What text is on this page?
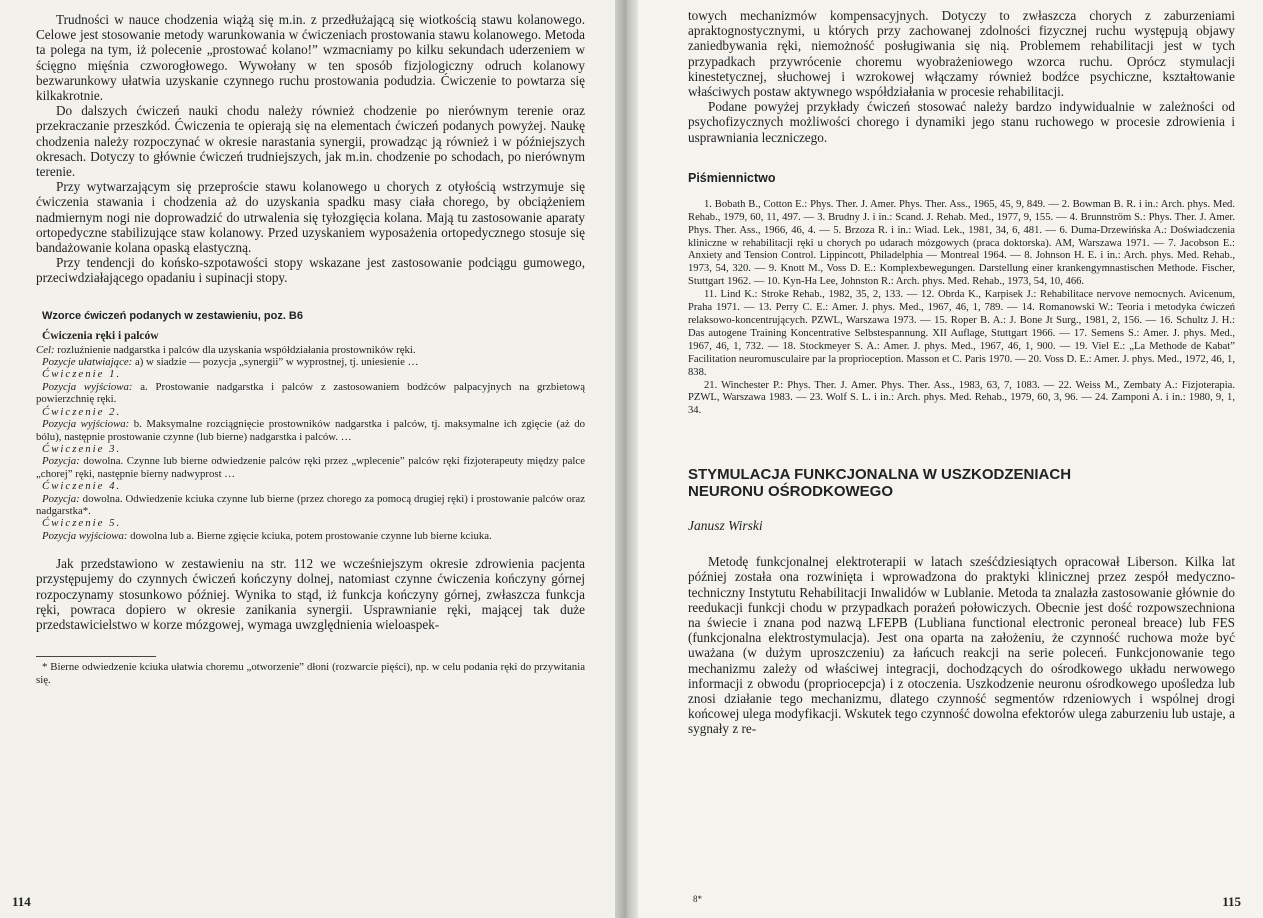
Trudności w nauce chodzenia wiążą się m.in. z przedłużającą się wiotkością stawu kolanowego. Celowe jest stosowanie metody warunkowania w ćwiczeniach prostowania stawu kolanowego. Metoda ta polega na tym, iż polecenie „prostować kolano!” wzmacniamy po kilku sekundach uderzeniem w ścięgno mięśnia czworogłowego. Wywołany w ten sposób fizjologiczny odruch kolanowy bezwarunkowy ułatwia uzyskanie czynnego ruchu prostowania podudzia. Ćwiczenie to powtarza się kilkakrotnie.

Do dalszych ćwiczeń nauki chodu należy również chodzenie po nierównym terenie oraz przekraczanie przeszkód. Ćwiczenia te opierają się na elementach ćwiczeń podanych powyżej. Naukę chodzenia należy rozpoczynać w okresie narastania synergii, prowadząc ją również i w późniejszych okresach. Dotyczy to głównie ćwiczeń trudniejszych, jak m.in. chodzenie po schodach, po nierównym terenie.

Przy wytwarzającym się przeproście stawu kolanowego u chorych z otyłością wstrzymuje się ćwiczenia stawania i chodzenia aż do uzyskania spadku masy ciała chorego, by obciążeniem nadmiernym nogi nie doprowadzić do utrwalenia się tyłozgięcia kolana. Mają tu zastosowanie aparaty ortopedyczne stabilizujące staw kolanowy. Przed uzyskaniem wyposażenia ortopedycznego stosuje się bandażowanie kolana opaską elastyczną.

Przy tendencji do końsko-szpotawości stopy wskazane jest zastosowanie podciągu gumowego, przeciwdziałającego opadaniu i supinacji stopy.

Wzorce ćwiczeń podanych w zestawieniu, poz. B6
Ćwiczenia ręki i palców

Cel: rozluźnienie nadgarstka i palców dla uzyskania współdziałania prostowników ręki.

Pozycje ułatwiające: a) w siadzie — pozycja „synergii” w wyprostnej, tj. uniesienie …

Ćwiczenie 1.

Pozycja wyjściowa: a. Prostowanie nadgarstka i palców z zastosowaniem bodźców palpacyjnych na grzbietową powierzchnię ręki.

Ćwiczenie 2.

Pozycja wyjściowa: b. Maksymalne rozciągnięcie prostowników nadgarstka i palców, tj. maksymalne ich zgięcie (aż do bólu), następnie prostowanie czynne (lub bierne) nadgarstka i palców. …

Ćwiczenie 3.

Pozycja: dowolna. Czynne lub bierne odwiedzenie palców ręki przez „wplecenie” palców ręki fizjoterapeuty między palce „chorej” ręki, następnie bierny nadwyprost …

Ćwiczenie 4.

Pozycja: dowolna. Odwiedzenie kciuka czynne lub bierne (przez chorego za pomocą drugiej ręki) i prostowanie palców oraz nadgarstka*.

Ćwiczenie 5.

Pozycja wyjściowa: dowolna lub a. Bierne zgięcie kciuka, potem prostowanie czynne lub bierne kciuka.

Jak przedstawiono w zestawieniu na str. 112 we wcześniejszym okresie zdrowienia pacjenta przystępujemy do czynnych ćwiczeń kończyny dolnej, natomiast czynne ćwiczenia kończyny górnej rozpoczynamy stosunkowo później. Wynika to stąd, iż funkcja kończyny górnej, zwłaszcza funkcja ręki, powraca dopiero w okresie zanikania synergii. Usprawnianie ręki, mającej tak duże przedstawicielstwo w korze mózgowej, wymaga uwzględnienia wieloaspek-

* Bierne odwiedzenie kciuka ułatwia choremu „otworzenie” dłoni (rozwarcie pięści), np. w celu podania ręki do przywitania się.

114

towych mechanizmów kompensacyjnych. Dotyczy to zwłaszcza chorych z zaburzeniami apraktognostycznymi, u których przy zachowanej zdolności fizycznej ruchu występują objawy zaniedbywania ręki, niemożność posługiwania się nią. Problemem rehabilitacji jest w tych przypadkach przywrócenie choremu wyobrażeniowego wzorca ruchu. Oprócz stymulacji kinestetycznej, słuchowej i wzrokowej włączamy również bodźce psychiczne, kształtowanie właściwych postaw aktywnego współdziałania w procesie rehabilitacji.

Podane powyżej przykłady ćwiczeń stosować należy bardzo indywidualnie w zależności od psychofizycznych możliwości chorego i dynamiki jego stanu ruchowego w procesie zdrowienia i usprawniania leczniczego.

Piśmiennictwo

1. Bobath B., Cotton E.: Phys. Ther. J. Amer. Phys. Ther. Ass., 1965, 45, 9, 849. — 2. Bowman B. R. i in.: Arch. phys. Med. Rehab., 1979, 60, 11, 497. — 3. Brudny J. i in.: Scand. J. Rehab. Med., 1977, 9, 155. — 4. Brunnström S.: Phys. Ther. J. Amer. Phys. Ther. Ass., 1966, 46, 4. — 5. Brzoza R. i in.: Wiad. Lek., 1981, 34, 6, 481. — 6. Duma-Drzewińska A.: Doświadczenia kliniczne w rehabilitacji ręki u chorych po udarach mózgowych (praca doktorska). AM, Warszawa 1971. — 7. Jacobson E.: Anxiety and Tension Control. Lippincott, Philadelphia — Montreal 1964. — 8. Johnson H. E. i in.: Arch. phys. Med. Rehab., 1973, 54, 320. — 9. Knott M., Voss D. E.: Komplexbewegungen. Darstellung einer krankengymnastischen Methode. Fischer, Stuttgart 1962. — 10. Kyn-Ha Lee, Johnston R.: Arch. phys. Med. Rehab., 1973, 54, 10, 466.

11. Lind K.: Stroke Rehab., 1982, 35, 2, 133. — 12. Obrda K., Karpisek J.: Rehabilitace nervove nemocnych. Avicenum, Praha 1971. — 13. Perry C. E.: Amer. J. phys. Med., 1967, 46, 1, 789. — 14. Romanowski W.: Teoria i metodyka ćwiczeń relaksowo-koncentrujących. PZWL, Warszawa 1973. — 15. Roper B. A.: J. Bone Jt Surg., 1981, 2, 156. — 16. Schultz J. H.: Das autogene Training Koncentrative Selbstespannung. XII Auflage, Stuttgart 1966. — 17. Semens S.: Amer. J. phys. Med., 1967, 46, 1, 732. — 18. Stockmeyer S. A.: Amer. J. phys. Med., 1967, 46, 1, 900. — 19. Viel E.: „La Methode de Kabat” Facilitation neuromusculaire par la proprioception. Masson et C. Paris 1970. — 20. Voss D. E.: Amer. J. phys. Med., 1972, 46, 1, 838.

21. Winchester P.: Phys. Ther. J. Amer. Phys. Ther. Ass., 1983, 63, 7, 1083. — 22. Weiss M., Zembaty A.: Fizjoterapia. PZWL, Warszawa 1983. — 23. Wolf S. L. i in.: Arch. phys. Med. Rehab., 1979, 60, 3, 96. — 24. Zamponi A. i in.: 1980, 9, 1, 34.

STYMULACJA FUNKCJONALNA W USZKODZENIACH
NEURONU OŚRODKOWEGO
Janusz Wirski

Metodę funkcjonalnej elektroterapii w latach sześćdziesiątych opracował Liberson. Kilka lat później została ona rozwinięta i wprowadzona do praktyki klinicznej przez zespół medyczno-techniczny Instytutu Rehabilitacji Inwalidów w Lublanie. Metoda ta znalazła zastosowanie głównie do reedukacji funkcji chodu w przypadkach porażeń połowiczych. Obecnie jest dość rozpowszechniona na świecie i znana pod nazwą LFEPB (Lubliana functional electronic peroneal breace) lub FES (funkcjonalna elektrostymulacja). Jest ona oparta na założeniu, że czynność ruchowa może być uważana (w dużym uproszczeniu) za łańcuch reakcji na serie poleceń. Funkcjonowanie tego mechanizmu zależy od właściwej integracji, dochodzących do ośrodkowego układu nerwowego informacji z obwodu (propriocepcja) i z otoczenia. Uszkodzenie neuronu ośrodkowego upośledza lub znosi działanie tego mechanizmu, dlatego czynność segmentów rdzeniowych i wspólnej drogi końcowej ulega modyfikacji. Wskutek tego czynność dowolna efektorów ulega zaburzeniu lub ustaje, a sygnały z re-

8*	115
